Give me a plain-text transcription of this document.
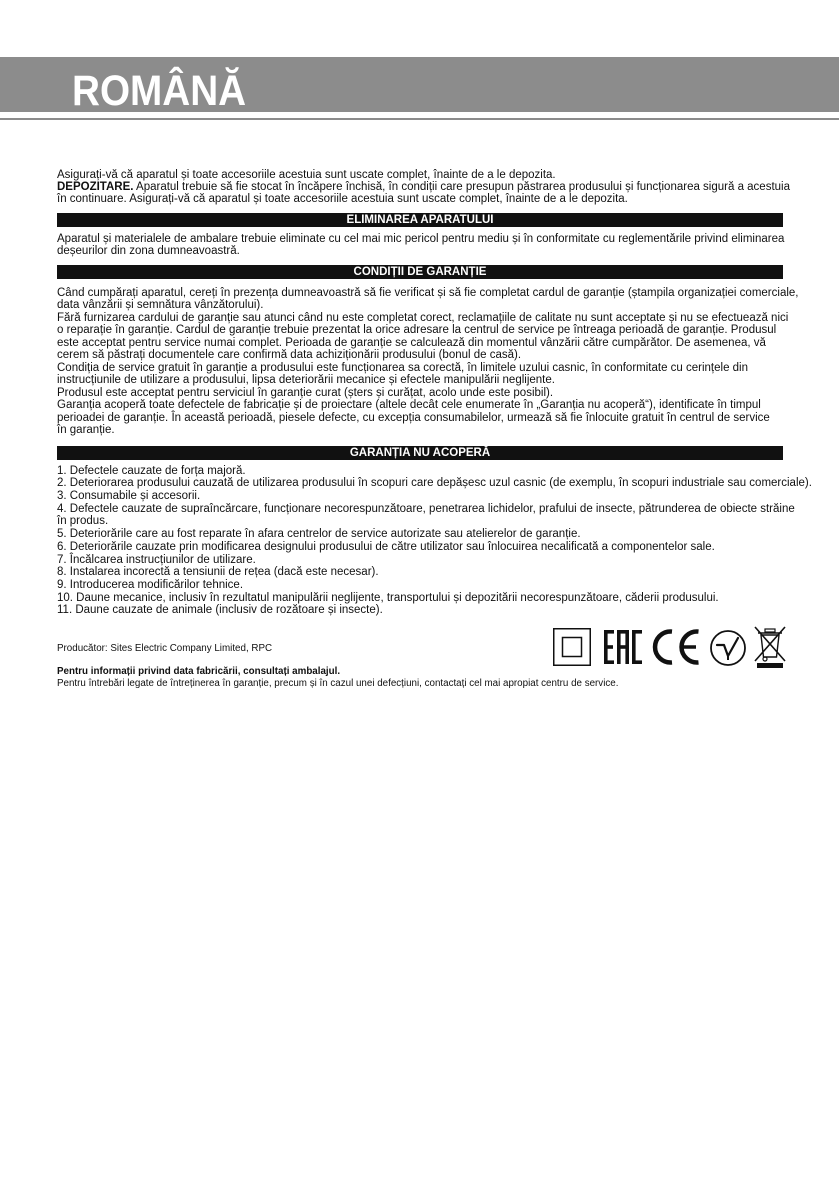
ROMÂNĂ
Asigurați-vă că aparatul și toate accesoriile acestuia sunt uscate complet, înainte de a le depozita.
DEPOZITARE. Aparatul trebuie să fie stocat în încăpere închisă, în condiții care presupun păstrarea produsului și funcționarea sigură a acestuia
în continuare. Asigurați-vă că aparatul și toate accesoriile acestuia sunt uscate complet, înainte de a le depozita.
ELIMINAREA APARATULUI
Aparatul și materialele de ambalare trebuie eliminate cu cel mai mic pericol pentru mediu și în conformitate cu reglementările privind eliminarea
deșeurilor din zona dumneavoastră.
CONDIȚII DE GARANȚIE
Când cumpărați aparatul, cereți în prezența dumneavoastră să fie verificat și să fie completat cardul de garanție (ștampila organizației comerciale,
data vânzării și semnătura vânzătorului).
Fără furnizarea cardului de garanție sau atunci când nu este completat corect, reclamațiile de calitate nu sunt acceptate și nu se efectuează nici
o reparație în garanție. Cardul de garanție trebuie prezentat la orice adresare la centrul de service pe întreaga perioadă de garanție. Produsul
este acceptat pentru service numai complet. Perioada de garanție se calculează din momentul vânzării către cumpărător. De asemenea, vă
cerem să păstrați documentele care confirmă data achiziționării produsului (bonul de casă).
Condiția de service gratuit în garanție a produsului este funcționarea sa corectă, în limitele uzului casnic, în conformitate cu cerințele din
instrucțiunile de utilizare a produsului, lipsa deteriorării mecanice și efectele manipulării neglijente.
Produsul este acceptat pentru serviciul în garanție curat (șters și curățat, acolo unde este posibil).
Garanția acoperă toate defectele de fabricație și de proiectare (altele decât cele enumerate în „Garanția nu acoperă“), identificate în timpul
perioadei de garanție. În această perioadă, piesele defecte, cu excepția consumabilelor, urmează să fie înlocuite gratuit în centrul de service
în garanție.
GARANȚIA NU ACOPERĂ
1. Defectele cauzate de forța majoră.
2. Deteriorarea produsului cauzată de utilizarea produsului în scopuri care depășesc uzul casnic (de exemplu, în scopuri industriale sau comerciale).
3. Consumabile și accesorii.
4. Defectele cauzate de supraîncărcare, funcționare necorespunzătoare, penetrarea lichidelor, prafului de insecte, pătrunderea de obiecte străine
în produs.
5. Deteriorările care au fost reparate în afara centrelor de service autorizate sau atelierelor de garanție.
6. Deteriorările cauzate prin modificarea designului produsului de către utilizator sau înlocuirea necalificată a componentelor sale.
7. Încălcarea instrucțiunilor de utilizare.
8. Instalarea incorectă a tensiunii de rețea (dacă este necesar).
9. Introducerea modificărilor tehnice.
10. Daune mecanice, inclusiv în rezultatul manipulării neglijente, transportului și depozitării necorespunzătoare, căderii produsului.
11. Daune cauzate de animale (inclusiv de rozătoare și insecte).
Producător: Sites Electric Company Limited, RPC
Pentru informații privind data fabricării, consultați ambalajul.
Pentru întrebări legate de întreținerea în garanție, precum și în cazul unei defecțiuni, contactați cel mai apropiat centru de service.
